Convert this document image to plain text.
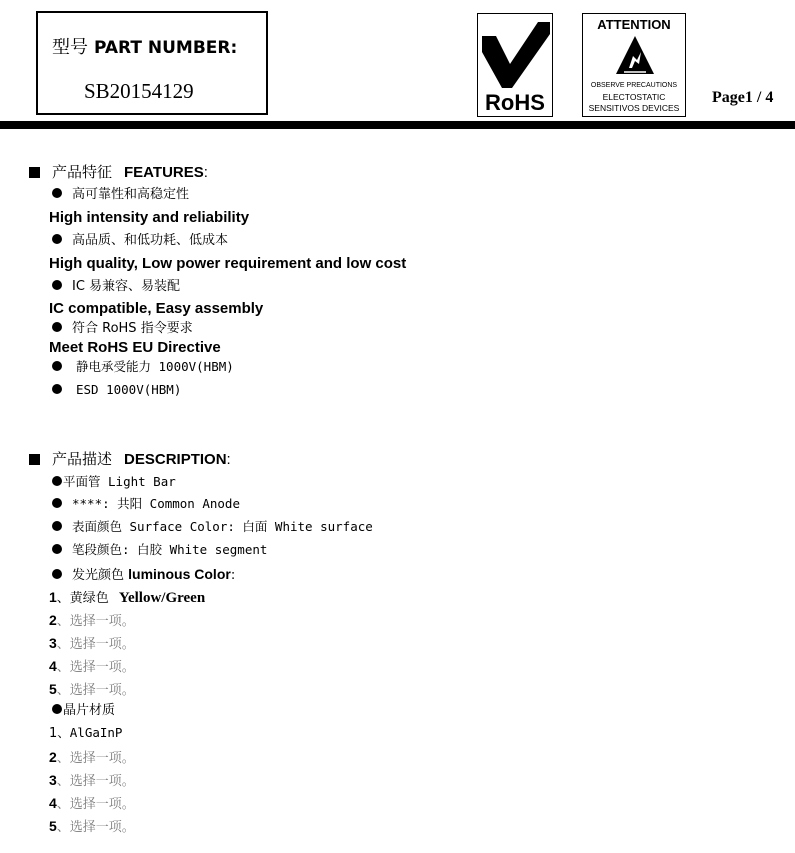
型号 PART NUMBER:
SB20154129	RoHS
ATTENTION
OBSERVE PRECAUTIONS
ELECTOSTATIC
SENSITIVOS DEVICES
Page1 / 4
产品特征 FEATURES:
高可靠性和高稳定性
High intensity and reliability
高品质、和低功耗、低成本
High quality, Low power requirement and low cost
IC 易兼容、易装配
IC compatible, Easy assembly
符合 RoHS 指令要求
Meet RoHS EU Directive
静电承受能力 1000V(HBM)
ESD 1000V(HBM)
产品描述 DESCRIPTION:
平面管 Light Bar
****: 共阳 Common Anode
表面颜色 Surface Color: 白面 White surface
笔段颜色: 白胶 White segment
发光颜色 luminous Color:
1、黄绿色 Yellow/Green
2、选择一项。
3、选择一项。
4、选择一项。
5、选择一项。
晶片材质
1、AlGaInP
2、选择一项。
3、选择一项。
4、选择一项。
5、选择一项。
